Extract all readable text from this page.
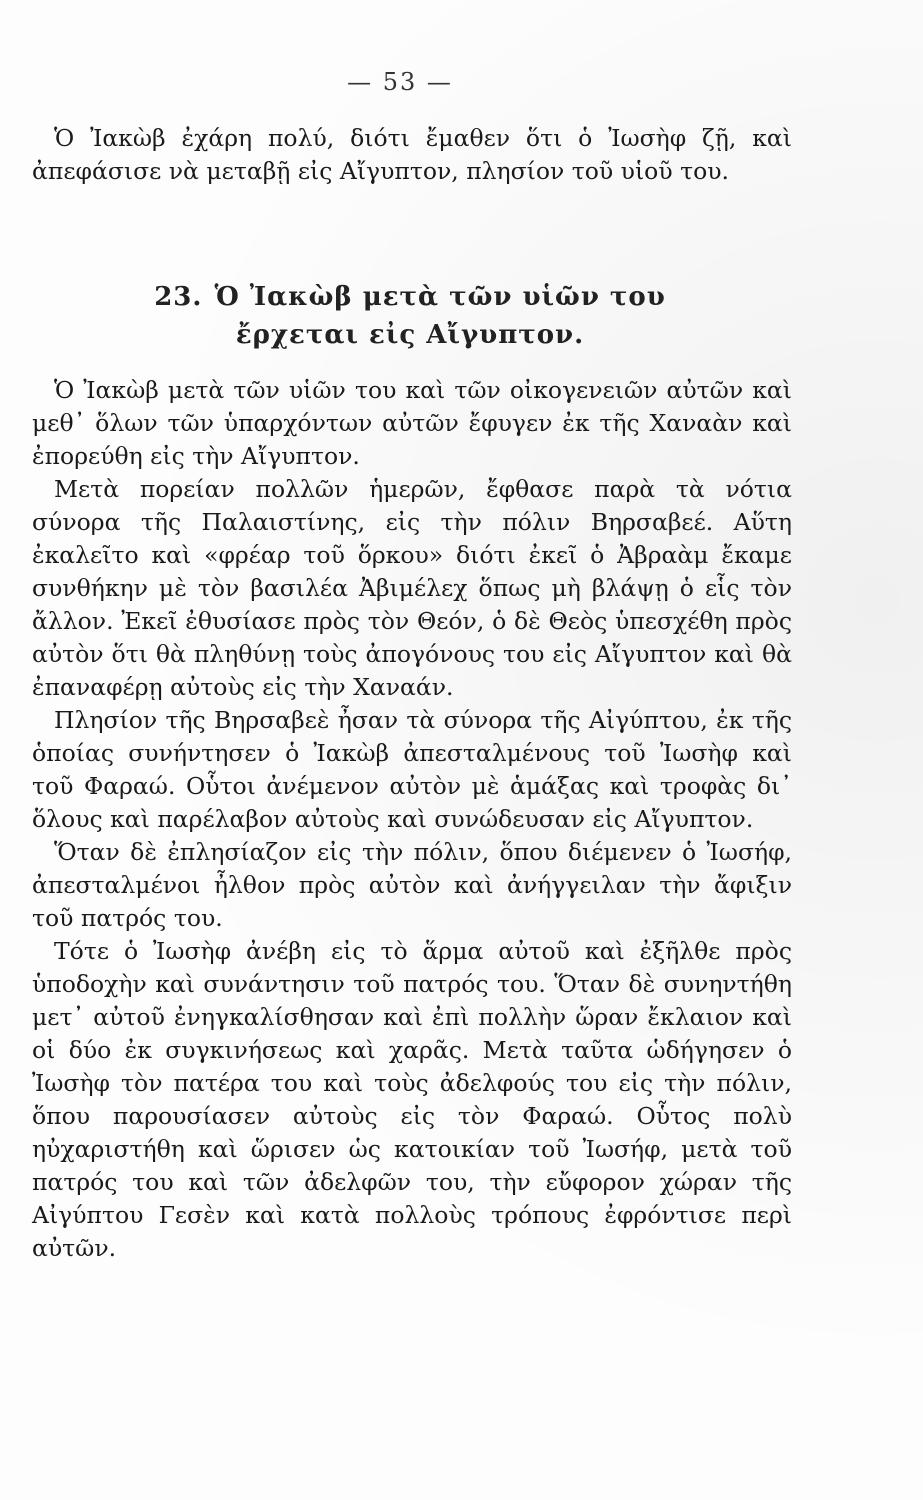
— 53 —

Ὁ Ἰακὼβ ἐχάρη πολύ, διότι ἔμαθεν ὅτι ὁ Ἰωσὴφ ζῇ, καὶ ἀπεφάσισε νὰ μεταβῇ εἰς Αἴγυπτον, πλησίον τοῦ υἱοῦ του.

23. Ὁ Ἰακὼβ μετὰ τῶν υἱῶν του
ἔρχεται εἰς Αἴγυπτον.

Ὁ Ἰακὼβ μετὰ τῶν υἱῶν του καὶ τῶν οἰκογενειῶν αὐτῶν καὶ μεθ᾽ ὅλων τῶν ὑπαρχόντων αὐτῶν ἔφυγεν ἐκ τῆς Χαναὰν καὶ ἐπορεύθη εἰς τὴν Αἴγυπτον.

Μετὰ πορείαν πολλῶν ἡμερῶν, ἔφθασε παρὰ τὰ νότια σύνορα τῆς Παλαιστίνης, εἰς τὴν πόλιν Βηρσαβεέ. Αὕτη ἐκαλεῖτο καὶ «φρέαρ τοῦ ὅρκου» διότι ἐκεῖ ὁ Ἀβραὰμ ἔκαμε συνθήκην μὲ τὸν βασιλέα Ἀβιμέλεχ ὅπως μὴ βλάψῃ ὁ εἷς τὸν ἄλλον. Ἐκεῖ ἐθυσίασε πρὸς τὸν Θεόν, ὁ δὲ Θεὸς ὑπεσχέθη πρὸς αὐτὸν ὅτι θὰ πληθύνῃ τοὺς ἀπογόνους του εἰς Αἴγυπτον καὶ θὰ ἐπαναφέρῃ αὐτοὺς εἰς τὴν Χαναάν.

Πλησίον τῆς Βηρσαβεὲ ἦσαν τὰ σύνορα τῆς Αἰγύπτου, ἐκ τῆς ὁποίας συνήντησεν ὁ Ἰακὼβ ἀπεσταλμένους τοῦ Ἰωσὴφ καὶ τοῦ Φαραώ. Οὗτοι ἀνέμενον αὐτὸν μὲ ἁμάξας καὶ τροφὰς δι᾽ ὅλους καὶ παρέλαβον αὐτοὺς καὶ συνώδευσαν εἰς Αἴγυπτον.

Ὅταν δὲ ἐπλησίαζον εἰς τὴν πόλιν, ὅπου διέμενεν ὁ Ἰωσήφ, ἀπεσταλμένοι ἦλθον πρὸς αὐτὸν καὶ ἀνήγγειλαν τὴν ἄφιξιν τοῦ πατρός του.

Τότε ὁ Ἰωσὴφ ἀνέβη εἰς τὸ ἅρμα αὐτοῦ καὶ ἐξῆλθε πρὸς ὑποδοχὴν καὶ συνάντησιν τοῦ πατρός του. Ὅταν δὲ συνηντήθη μετ᾽ αὐτοῦ ἐνηγκαλίσθησαν καὶ ἐπὶ πολλὴν ὥραν ἔκλαιον καὶ οἱ δύο ἐκ συγκινήσεως καὶ χαρᾶς. Μετὰ ταῦτα ὡδήγησεν ὁ Ἰωσὴφ τὸν πατέρα του καὶ τοὺς ἀδελφούς του εἰς τὴν πόλιν, ὅπου παρουσίασεν αὐτοὺς εἰς τὸν Φαραώ. Οὗτος πολὺ ηὐχαριστήθη καὶ ὥρισεν ὡς κατοικίαν τοῦ Ἰωσήφ, μετὰ τοῦ πατρός του καὶ τῶν ἀδελφῶν του, τὴν εὔφορον χώραν τῆς Αἰγύπτου Γεσὲν καὶ κατὰ πολλοὺς τρόπους ἐφρόντισε περὶ αὐτῶν.
